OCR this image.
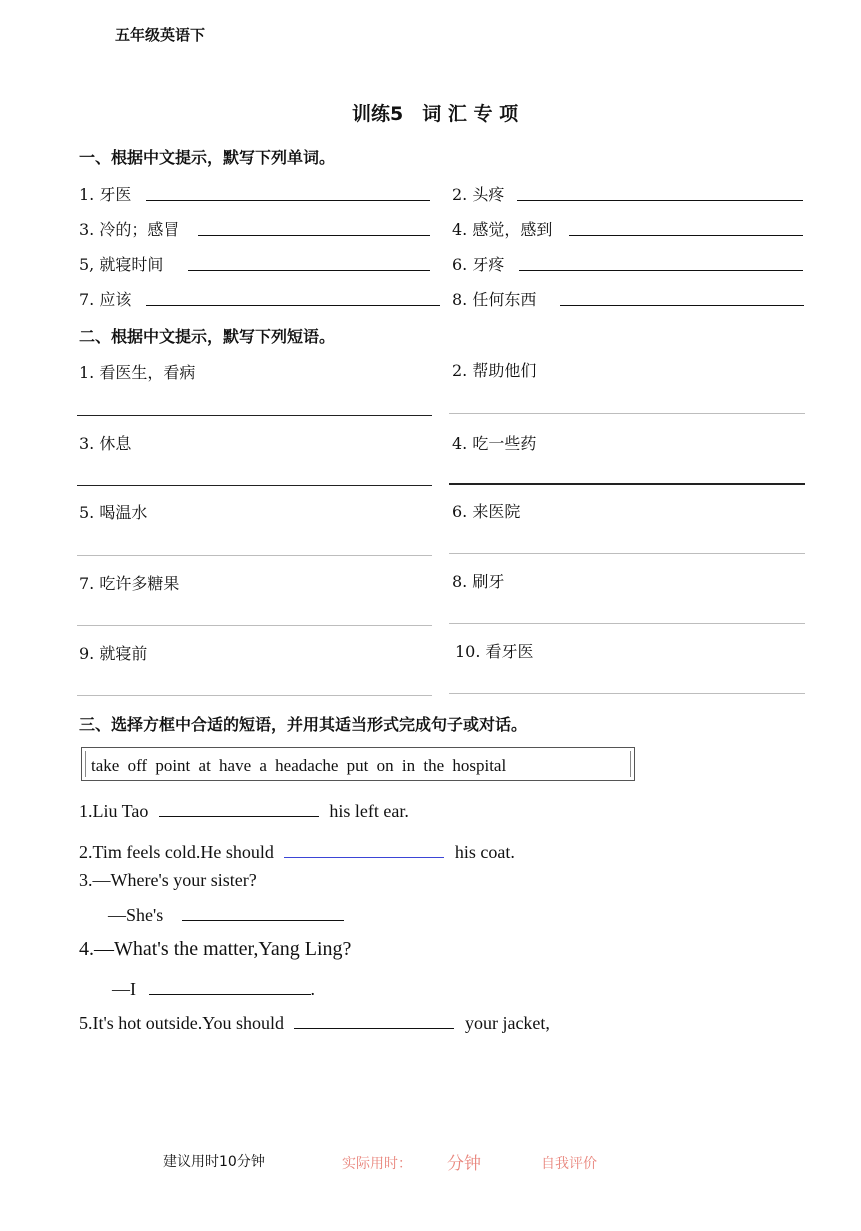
五年级英语下
训练5　词 汇 专 项
一、根据中文提示，默写下列单词。
1. 牙医	2. 头疼
3. 冷的；感冒	4. 感觉，感到
5, 就寝时间	6. 牙疼
7. 应该	8. 任何东西
二、根据中文提示，默写下列短语。
1. 看医生，看病	2. 帮助他们
3. 休息	4. 吃一些药
5. 喝温水	6. 来医院
7. 吃许多糖果	8. 刷牙
9. 就寝前	10. 看牙医
三、选择方框中合适的短语，并用其适当形式完成句子或对话。
take off point at have a headache put on in the hospital
1.Liu Tao	his left ear.
2.Tim feels cold.He should	his coat.
3.—Where's your sister?
—She's
4.—What's the matter,Yang Ling?
—I	.
5.It's hot outside.You should	your jacket,
建议用时10分钟	实际用时： 分钟	自我评价
